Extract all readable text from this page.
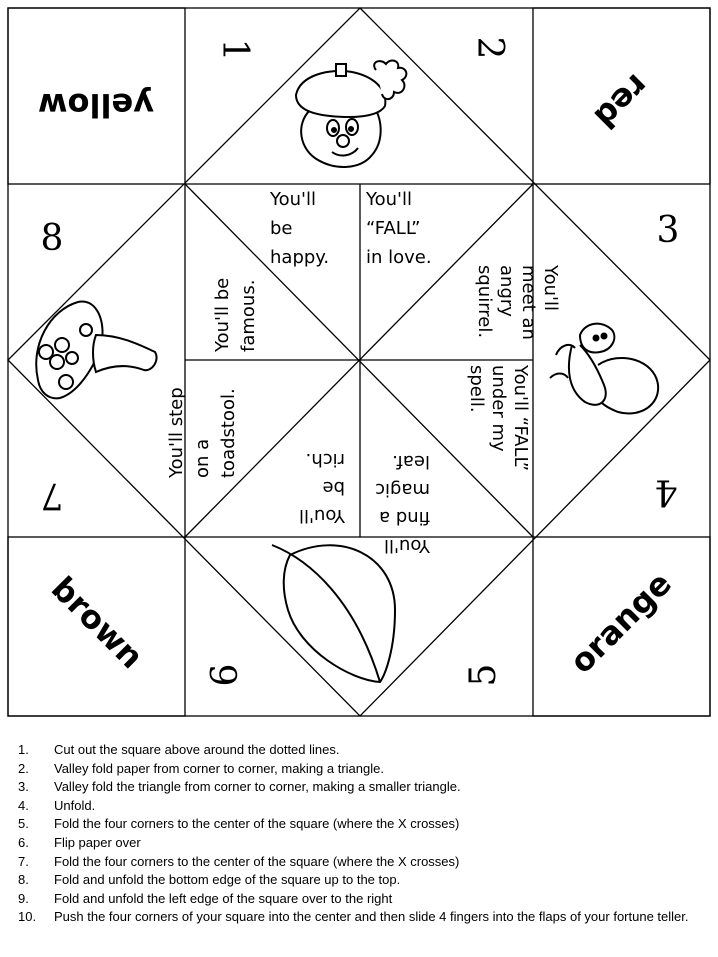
yellow	red
brown	orange
1	2
3
4
5
6
7
8
You'll
be
happy.
You'll
“FALL”
in love.
You'll
meet an
angry
squirrel.
You'll “FALL”
under my
spell.
You'll
find a
magic
leaf.
You'll
be
rich.
You'll step on a toadstool.
You'll be famous.
1.	Cut out the square above around the dotted lines.
2.	Valley fold paper from corner to corner, making a triangle.
3.	Valley fold the triangle from corner to corner, making a smaller triangle.
4.	Unfold.
5.	Fold the four corners to the center of the square (where the X crosses)
6.	Flip paper over
7.	Fold the four corners to the center of the square (where the X crosses)
8.	Fold and unfold the bottom edge of the square up to the top.
9.	Fold and unfold the left edge of the square over to the right
10.	Push the four corners of your square into the center and then slide 4 fingers into the flaps of your fortune teller.
